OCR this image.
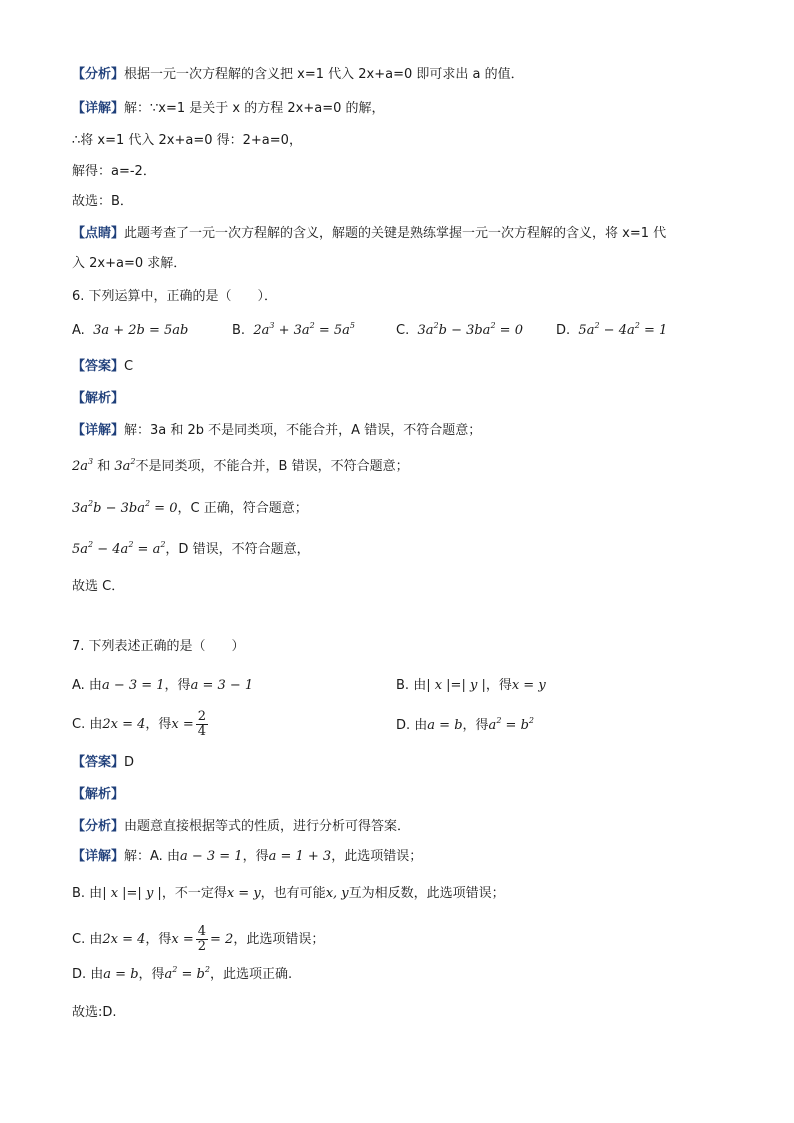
【分析】根据一元一次方程解的含义把 x=1 代入 2x+a=0 即可求出 a 的值．
【详解】解：∵x=1 是关于 x 的方程 2x+a=0 的解，
∴将 x=1 代入 2x+a=0 得：2+a=0，
解得：a=-2．
故选：B．
【点睛】此题考查了一元一次方程解的含义，解题的关键是熟练掌握一元一次方程解的含义，将 x=1 代
入 2x+a=0 求解．
6. 下列运算中，正确的是（　　）．
A. 3a + 2b = 5ab	B. $2a^3 + 3a^2 = 5a^5$	C. $3a^2b - 3ba^2 = 0$	D. $5a^2 - 4a^2 = 1$
【答案】C
【解析】
【详解】解：3a 和 2b 不是同类项，不能合并，A 错误，不符合题意；
$2a^3$ 和 $3a^2$不是同类项，不能合并，B 错误，不符合题意；
$3a^2b - 3ba^2 = 0$，C 正确，符合题意；
$5a^2 - 4a^2 = a^2$，D 错误，不符合题意，
故选 C．
7. 下列表述正确的是（　　）
A. 由a − 3 = 1，得a = 3 − 1	B. 由| x |=| y |，得x = y
C. 由2x = 4，得$x = \frac{2}{4}$	D. 由a = b，得$a^2 = b^2$
【答案】D
【解析】
【分析】由题意直接根据等式的性质，进行分析可得答案．
【详解】解：A. 由a − 3 = 1，得a = 1 + 3，此选项错误；
B. 由| x |=| y |，不一定得x = y，也有可能x, y互为相反数，此选项错误；
C. 由2x = 4，得$x = \frac{4}{2} = 2$，此选项错误；
D. 由a = b，得$a^2 = b^2$，此选项正确.
故选:D.
